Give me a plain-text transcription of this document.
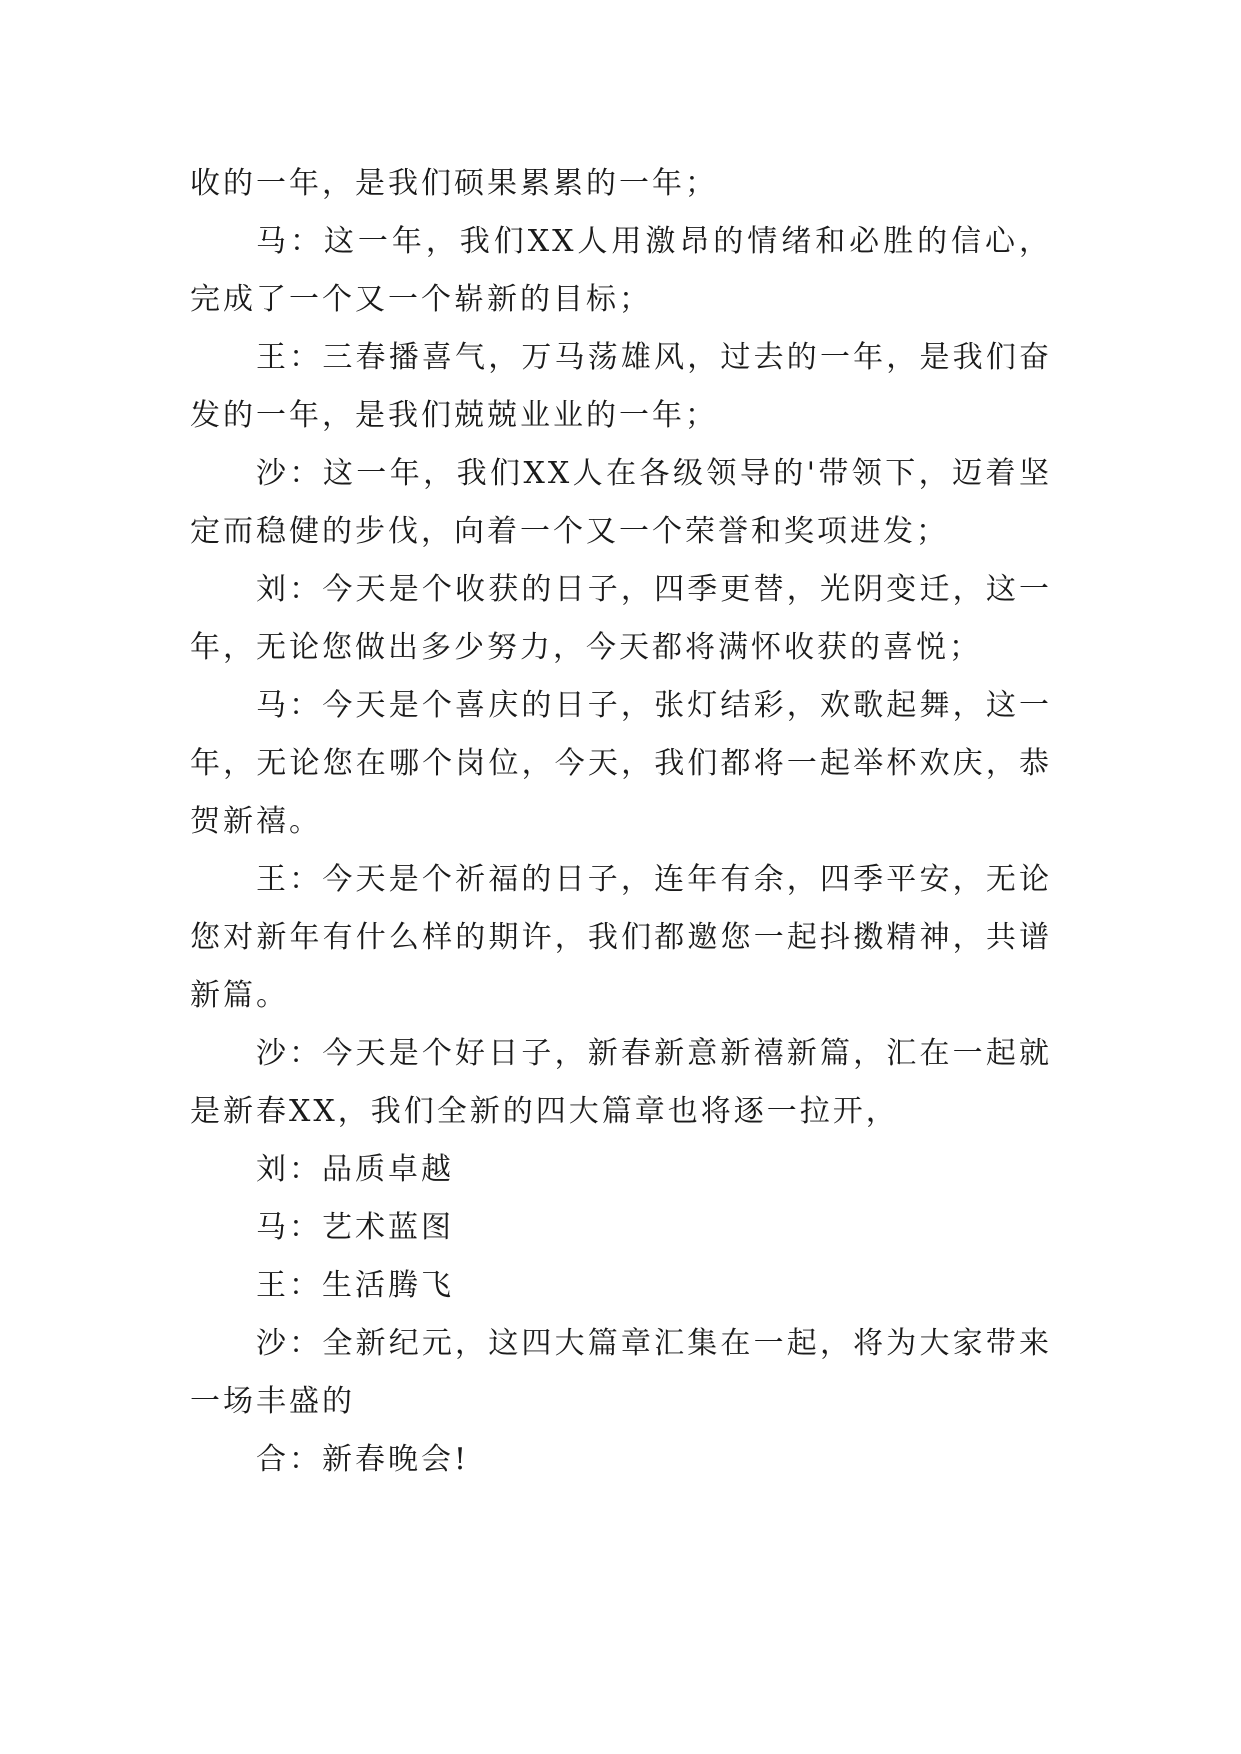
收的一年，是我们硕果累累的一年；

马：这一年，我们XX人用激昂的情绪和必胜的信心，完成了一个又一个崭新的目标；

王：三春播喜气，万马荡雄风，过去的一年，是我们奋发的一年，是我们兢兢业业的一年；

沙：这一年，我们XX人在各级领导的'带领下，迈着坚定而稳健的步伐，向着一个又一个荣誉和奖项进发；

刘：今天是个收获的日子，四季更替，光阴变迁，这一年，无论您做出多少努力，今天都将满怀收获的喜悦；

马：今天是个喜庆的日子，张灯结彩，欢歌起舞，这一年，无论您在哪个岗位，今天，我们都将一起举杯欢庆，恭贺新禧。

王：今天是个祈福的日子，连年有余，四季平安，无论您对新年有什么样的期许，我们都邀您一起抖擞精神，共谱新篇。

沙：今天是个好日子，新春新意新禧新篇，汇在一起就是新春XX，我们全新的四大篇章也将逐一拉开，

刘：品质卓越

马：艺术蓝图

王：生活腾飞

沙：全新纪元，这四大篇章汇集在一起，将为大家带来一场丰盛的

合：新春晚会!
